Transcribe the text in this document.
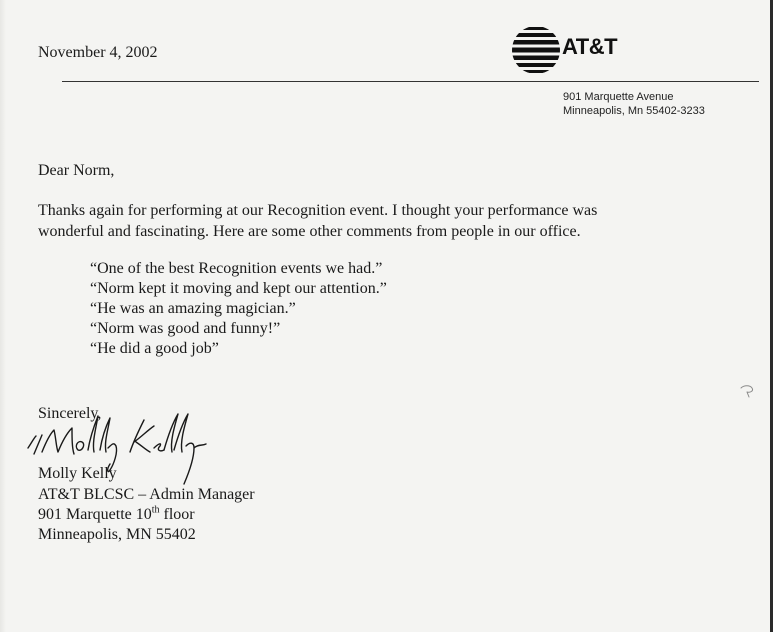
November 4, 2002	AT&T
901 Marquette Avenue
Minneapolis, Mn 55402-3233
Dear Norm,
Thanks again for performing at our Recognition event. I thought your performance was
wonderful and fascinating. Here are some other comments from people in our office.
“One of the best Recognition events we had.”
“Norm kept it moving and kept our attention.”
“He was an amazing magician.”
“Norm was good and funny!”
“He did a good job”
Sincerely,
Molly Kelly
AT&T BLCSC – Admin Manager
901 Marquette 10th floor
Minneapolis, MN 55402
